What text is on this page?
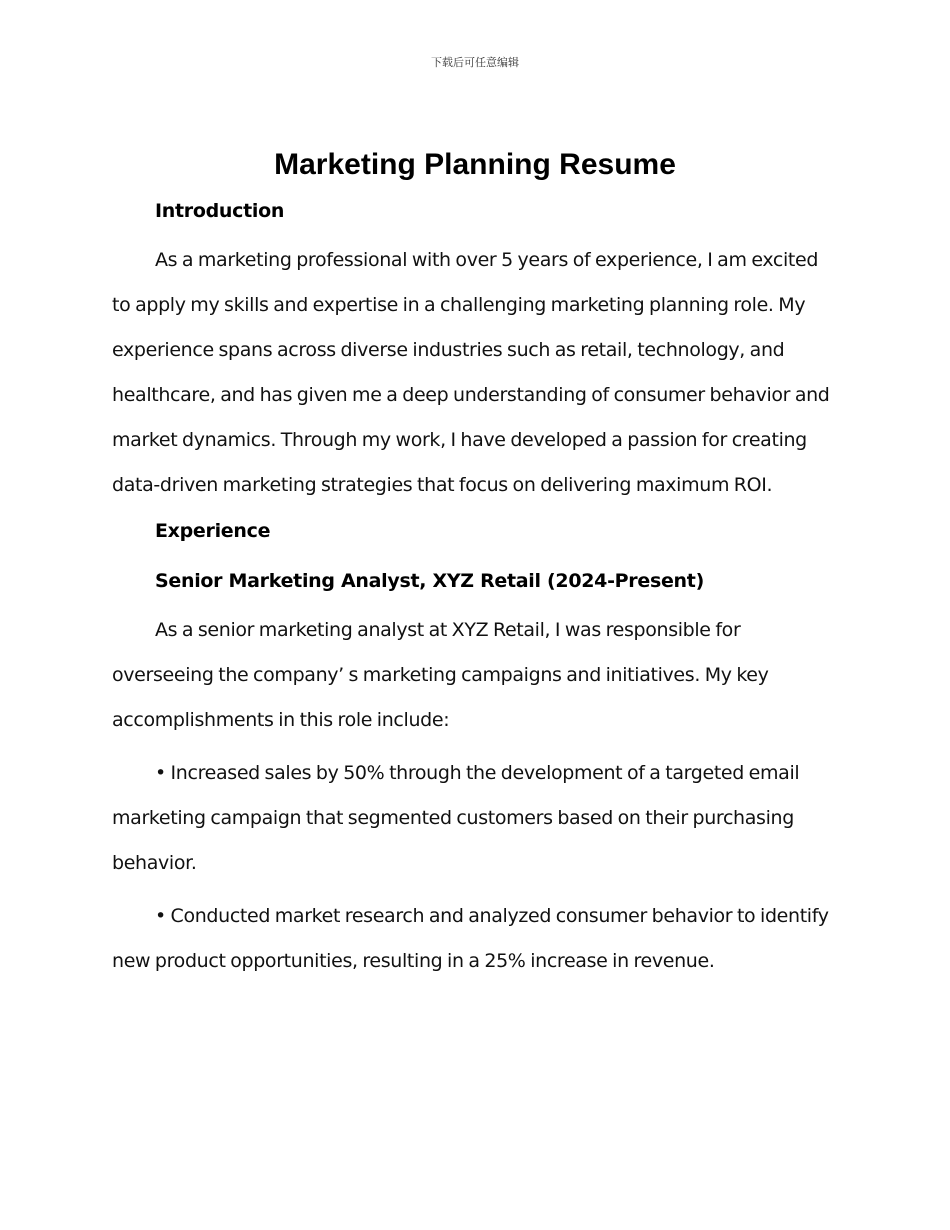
下载后可任意编辑
Marketing Planning Resume
Introduction

As a marketing professional with over 5 years of experience, I am excited to apply my skills and expertise in a challenging marketing planning role. My experience spans across diverse industries such as retail, technology, and healthcare, and has given me a deep understanding of consumer behavior and market dynamics. Through my work, I have developed a passion for creating data-driven marketing strategies that focus on delivering maximum ROI.

Experience
Senior Marketing Analyst, XYZ Retail (2024-Present)

As a senior marketing analyst at XYZ Retail, I was responsible for overseeing the company’ s marketing campaigns and initiatives. My key accomplishments in this role include:

• Increased sales by 50% through the development of a targeted email marketing campaign that segmented customers based on their purchasing behavior.

• Conducted market research and analyzed consumer behavior to identify new product opportunities, resulting in a 25% increase in revenue.
